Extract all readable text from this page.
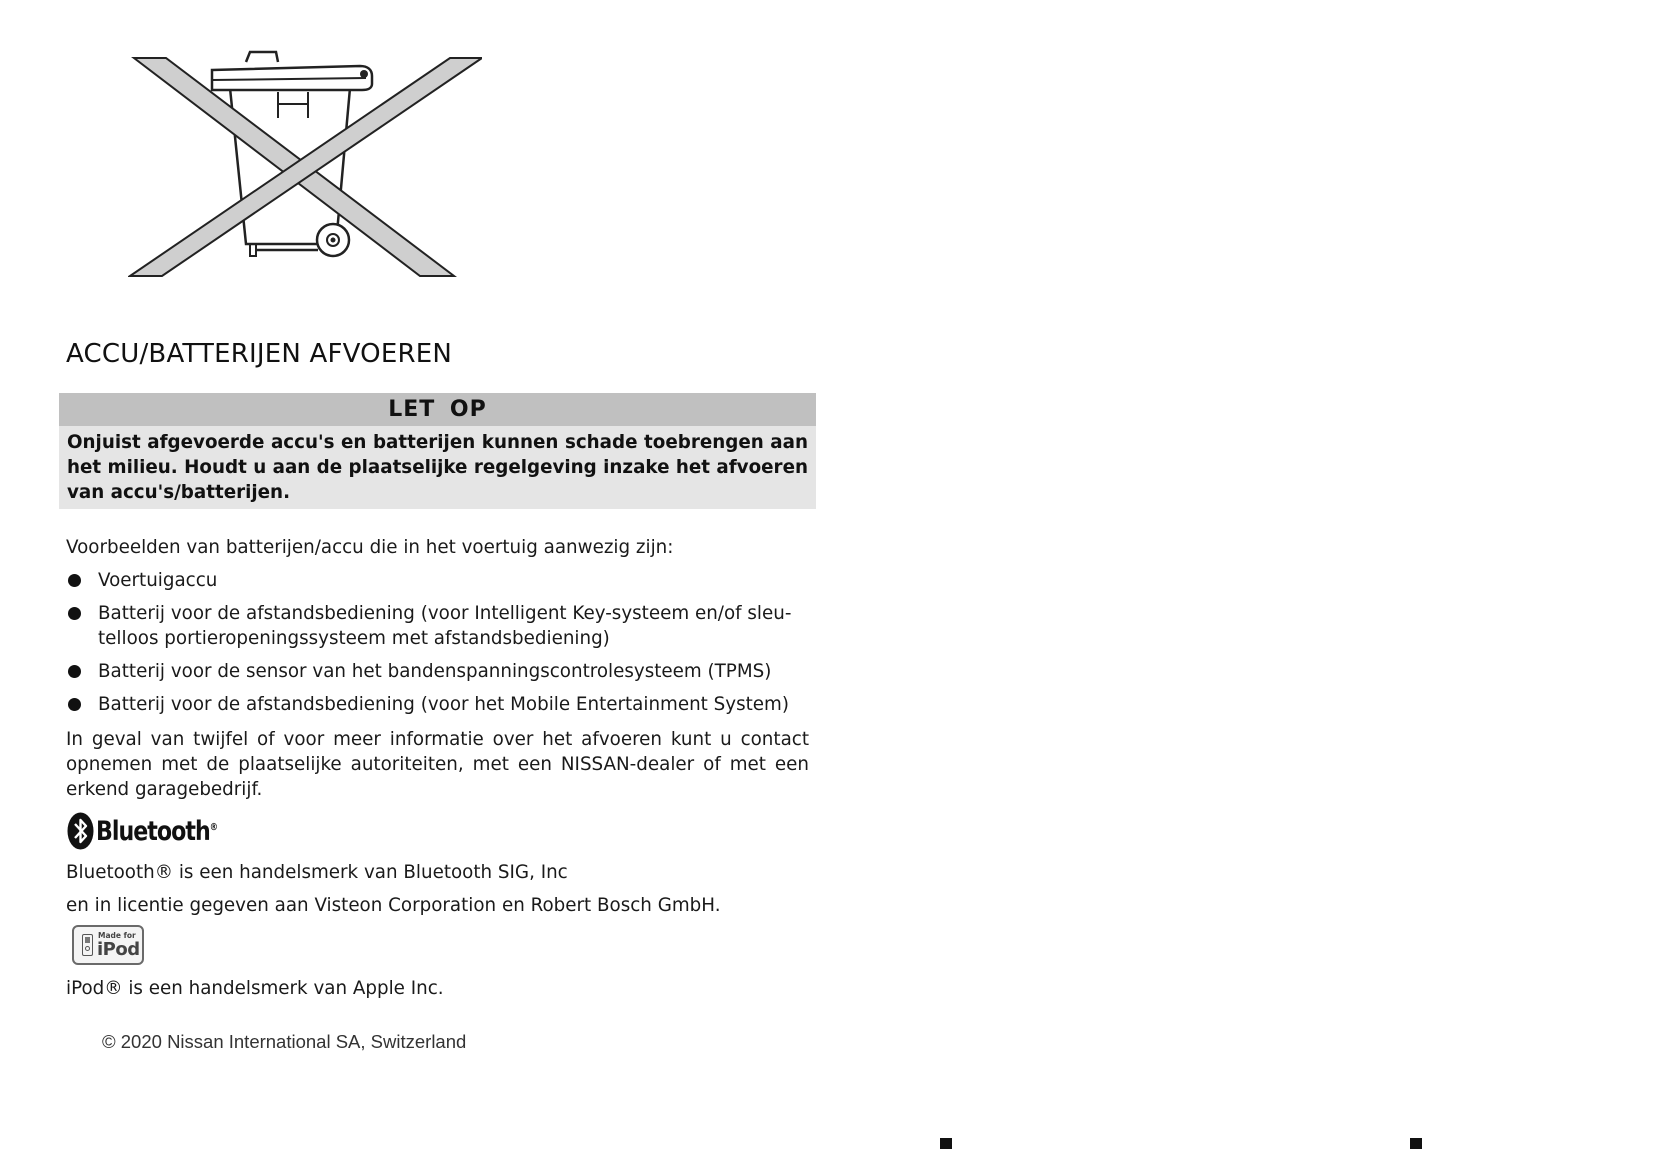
ACCU/BATTERIJEN AFVOEREN
LET OP
Onjuist afgevoerde accu's en batterijen kunnen schade toebrengen aan het milieu. Houdt u aan de plaatselijke regelgeving inzake het afvoeren van accu's/batterijen.
Voorbeelden van batterijen/accu die in het voertuig aanwezig zijn:
Voertuigaccu
Batterij voor de afstandsbediening (voor Intelligent Key-systeem en/of sleu-telloos portieropeningssysteem met afstandsbediening)
Batterij voor de sensor van het bandenspanningscontrolesysteem (TPMS)
Batterij voor de afstandsbediening (voor het Mobile Entertainment System)
In geval van twijfel of voor meer informatie over het afvoeren kunt u contact opnemen met de plaatselijke autoriteiten, met een NISSAN-dealer of met een erkend garagebedrijf.
Bluetooth®
Bluetooth® is een handelsmerk van Bluetooth SIG, Inc
en in licentie gegeven aan Visteon Corporation en Robert Bosch GmbH.
Made for
iPod
iPod® is een handelsmerk van Apple Inc.
© 2020 Nissan International SA, Switzerland
